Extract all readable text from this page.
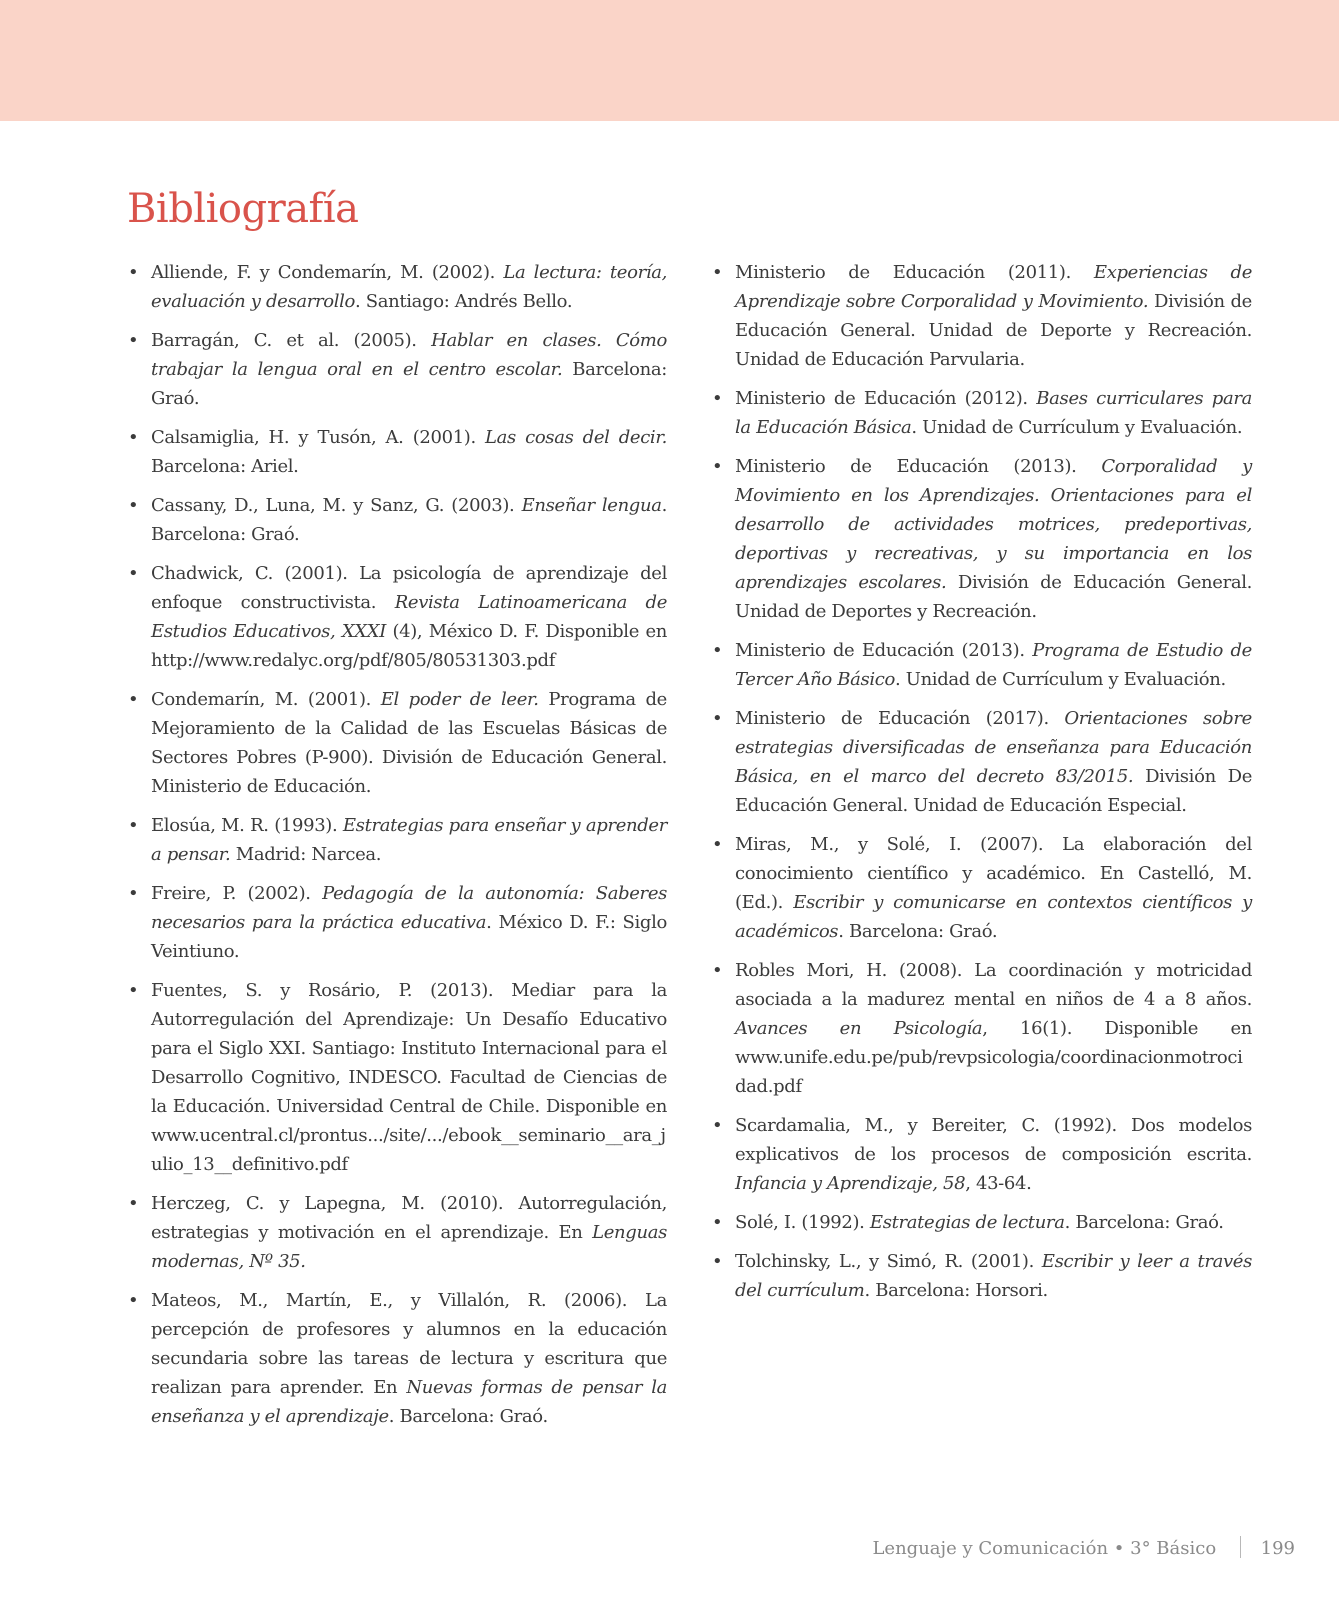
Bibliografía
• Alliende, F. y Condemarín, M. (2002). La lectura: teoría, evaluación y desarrollo. Santiago: Andrés Bello.
• Barragán, C. et al. (2005). Hablar en clases. Cómo trabajar la lengua oral en el centro escolar. Barcelona: Graó.
• Calsamiglia, H. y Tusón, A. (2001). Las cosas del decir. Barcelona: Ariel.
• Cassany, D., Luna, M. y Sanz, G. (2003). Enseñar lengua. Barcelona: Graó.
• Chadwick, C. (2001). La psicología de aprendizaje del enfoque constructivista. Revista Latinoamericana de Estudios Educativos, XXXI (4), México D. F. Disponible en http://www.redalyc.org/pdf/805/80531303.pdf
• Condemarín, M. (2001). El poder de leer. Programa de Mejoramiento de la Calidad de las Escuelas Básicas de Sectores Pobres (P-900). División de Educación General. Ministerio de Educación.
• Elosúa, M. R. (1993). Estrategias para enseñar y aprender a pensar. Madrid: Narcea.
• Freire, P. (2002). Pedagogía de la autonomía: Saberes necesarios para la práctica educativa. México D. F.: Siglo Veintiuno.
• Fuentes, S. y Rosário, P. (2013). Mediar para la Autorregulación del Aprendizaje: Un Desafío Educativo para el Siglo XXI. Santiago: Instituto Internacional para el Desarrollo Cognitivo, INDESCO. Facultad de Ciencias de la Educación. Universidad Central de Chile. Disponible en www.ucentral.cl/prontus.../site/.../ebook__seminario__ara_julio_13__definitivo.pdf
• Herczeg, C. y Lapegna, M. (2010). Autorregulación, estrategias y motivación en el aprendizaje. En Lenguas modernas, Nº 35.
• Mateos, M., Martín, E., y Villalón, R. (2006). La percepción de profesores y alumnos en la educación secundaria sobre las tareas de lectura y escritura que realizan para aprender. En Nuevas formas de pensar la enseñanza y el aprendizaje. Barcelona: Graó.
• Ministerio de Educación (2011). Experiencias de Aprendizaje sobre Corporalidad y Movimiento. División de Educación General. Unidad de Deporte y Recreación. Unidad de Educación Parvularia.
• Ministerio de Educación (2012). Bases curriculares para la Educación Básica. Unidad de Currículum y Evaluación.
• Ministerio de Educación (2013). Corporalidad y Movimiento en los Aprendizajes. Orientaciones para el desarrollo de actividades motrices, predeportivas, deportivas y recreativas, y su importancia en los aprendizajes escolares. División de Educación General. Unidad de Deportes y Recreación.
• Ministerio de Educación (2013). Programa de Estudio de Tercer Año Básico. Unidad de Currículum y Evaluación.
• Ministerio de Educación (2017). Orientaciones sobre estrategias diversificadas de enseñanza para Educación Básica, en el marco del decreto 83/2015. División De Educación General. Unidad de Educación Especial.
• Miras, M., y Solé, I. (2007). La elaboración del conocimiento científico y académico. En Castelló, M. (Ed.). Escribir y comunicarse en contextos científicos y académicos. Barcelona: Graó.
• Robles Mori, H. (2008). La coordinación y motricidad asociada a la madurez mental en niños de 4 a 8 años. Avances en Psicología, 16(1). Disponible en www.unife.edu.pe/pub/revpsicologia/coordinacionmotrocidad.pdf
• Scardamalia, M., y Bereiter, C. (1992). Dos modelos explicativos de los procesos de composición escrita. Infancia y Aprendizaje, 58, 43-64.
• Solé, I. (1992). Estrategias de lectura. Barcelona: Graó.
• Tolchinsky, L., y Simó, R. (2001). Escribir y leer a través del currículum. Barcelona: Horsori.
Lenguaje y Comunicación • 3° Básico 199
